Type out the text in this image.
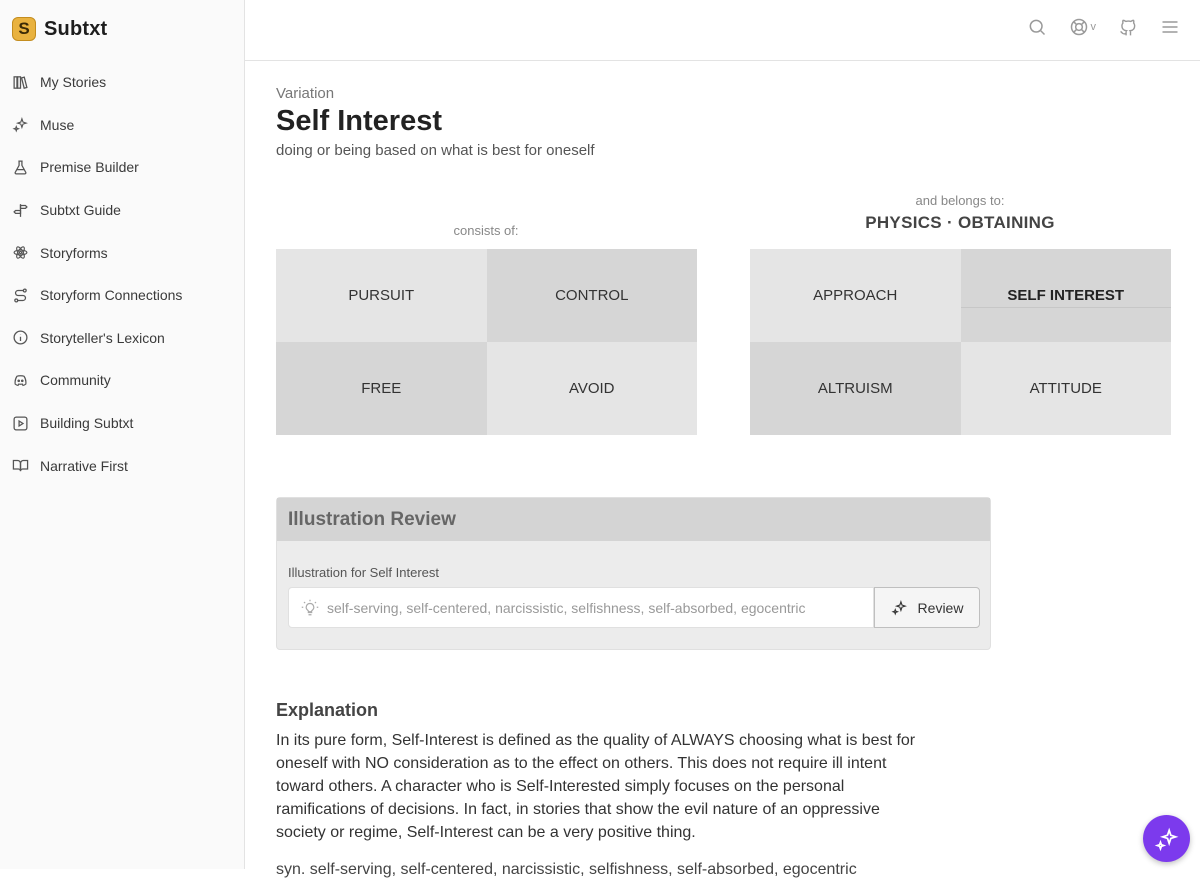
S Subtxt
My Stories
Muse
Premise Builder
Subtxt Guide
Storyforms
Storyform Connections
Storyteller's Lexicon
Community
Building Subtxt
Narrative First
v
Variation
Self Interest
doing or being based on what is best for oneself
consists of:
and belongs to:
PHYSICS · OBTAINING
PURSUIT	CONTROL
FREE	AVOID
APPROACH	SELF INTEREST
ALTRUISM	ATTITUDE
Illustration Review
Illustration for Self Interest
self-serving, self-centered, narcissistic, selfishness, self-absorbed, egocentric
Review
Explanation

In its pure form, Self-Interest is defined as the quality of ALWAYS choosing what is best for oneself with NO consideration as to the effect on others. This does not require ill intent toward others. A character who is Self-Interested simply focuses on the personal ramifications of decisions. In fact, in stories that show the evil nature of an oppressive society or regime, Self-Interest can be a very positive thing.

syn. self-serving, self-centered, narcissistic, selfishness, self-absorbed, egocentric
